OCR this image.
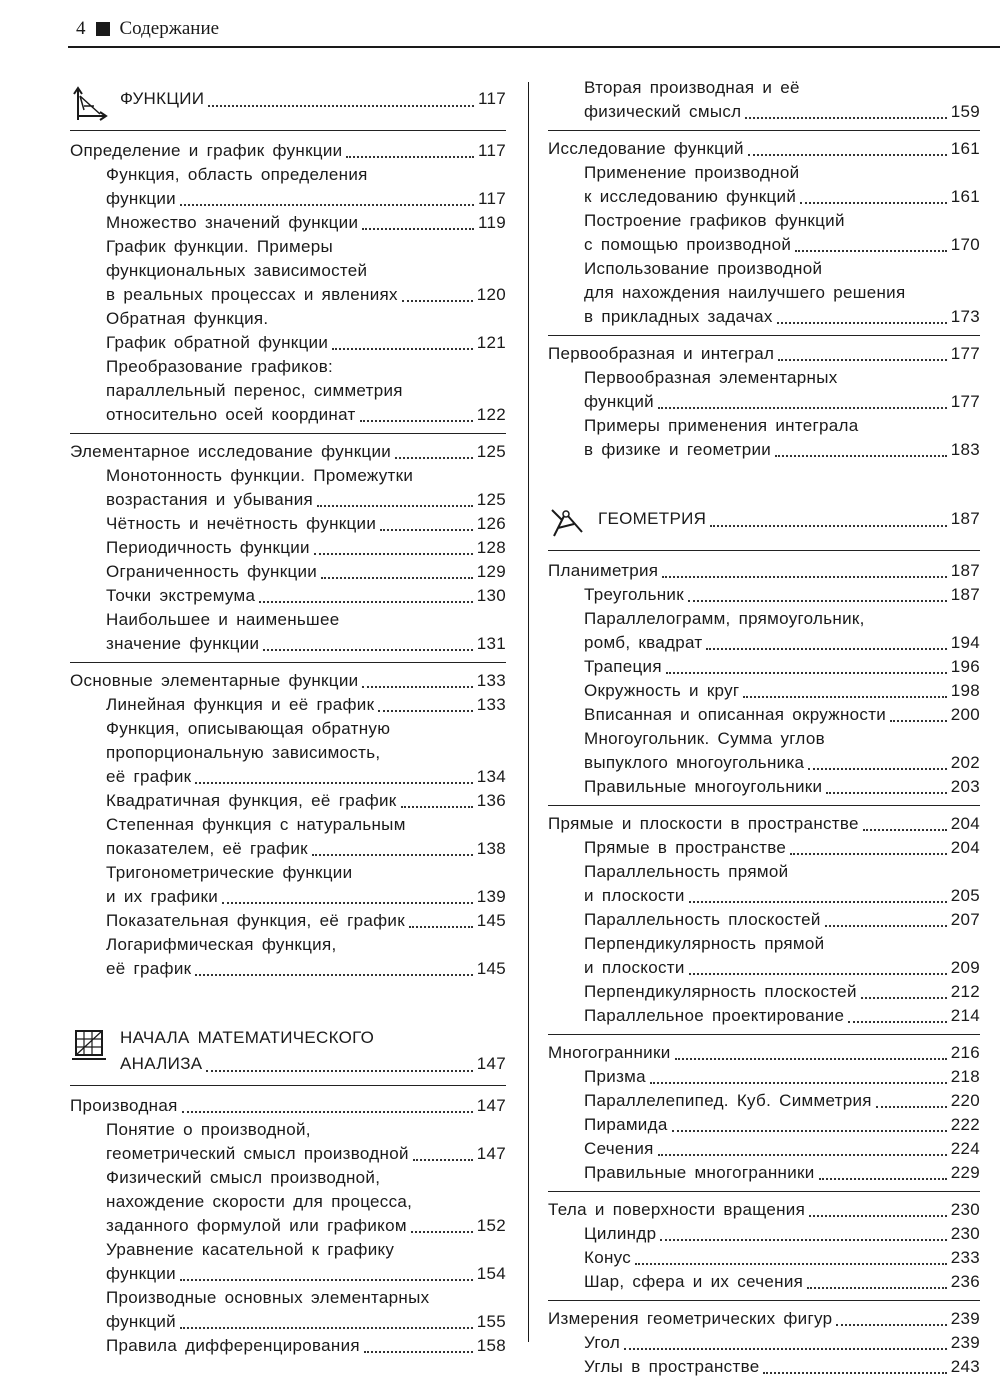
4 Содержание
ФУНКЦИИ	117
Определение и график функции	117
Функция, область определения
функции	117
Множество значений функции	119
График функции. Примеры
функциональных зависимостей
в реальных процессах и явлениях	120
Обратная функция.
График обратной функции	121
Преобразование графиков:
параллельный перенос, симметрия
относительно осей координат	122
Элементарное исследование функции	125
Монотонность функции. Промежутки
возрастания и убывания	125
Чётность и нечётность функции	126
Периодичность функции	128
Ограниченность функции	129
Точки экстремума	130
Наибольшее и наименьшее
значение функции	131
Основные элементарные функции	133
Линейная функция и её график	133
Функция, описывающая обратную
пропорциональную зависимость,
её график	134
Квадратичная функция, её график	136
Степенная функция с натуральным
показателем, её график	138
Тригонометрические функции
и их графики	139
Показательная функция, её график	145
Логарифмическая функция,
её график	145
НАЧАЛА МАТЕМАТИЧЕСКОГО
АНАЛИЗА	147
Производная	147
Понятие о производной,
геометрический смысл производной	147
Физический смысл производной,
нахождение скорости для процесса,
заданного формулой или графиком	152
Уравнение касательной к графику
функции	154
Производные основных элементарных
функций	155
Правила дифференцирования	158
Вторая производная и её
физический смысл	159
Исследование функций	161
Применение производной
к исследованию функций	161
Построение графиков функций
с помощью производной	170
Использование производной
для нахождения наилучшего решения
в прикладных задачах	173
Первообразная и интеграл	177
Первообразная элементарных
функций	177
Примеры применения интеграла
в физике и геометрии	183
ГЕОМЕТРИЯ	187
Планиметрия	187
Треугольник	187
Параллелограмм, прямоугольник,
ромб, квадрат	194
Трапеция	196
Окружность и круг	198
Вписанная и описанная окружности	200
Многоугольник. Сумма углов
выпуклого многоугольника	202
Правильные многоугольники	203
Прямые и плоскости в пространстве	204
Прямые в пространстве	204
Параллельность прямой
и плоскости	205
Параллельность плоскостей	207
Перпендикулярность прямой
и плоскости	209
Перпендикулярность плоскостей	212
Параллельное проектирование	214
Многогранники	216
Призма	218
Параллелепипед. Куб. Симметрия	220
Пирамида	222
Сечения	224
Правильные многогранники	229
Тела и поверхности вращения	230
Цилиндр	230
Конус	233
Шар, сфера и их сечения	236
Измерения геометрических фигур	239
Угол	239
Углы в пространстве	243
